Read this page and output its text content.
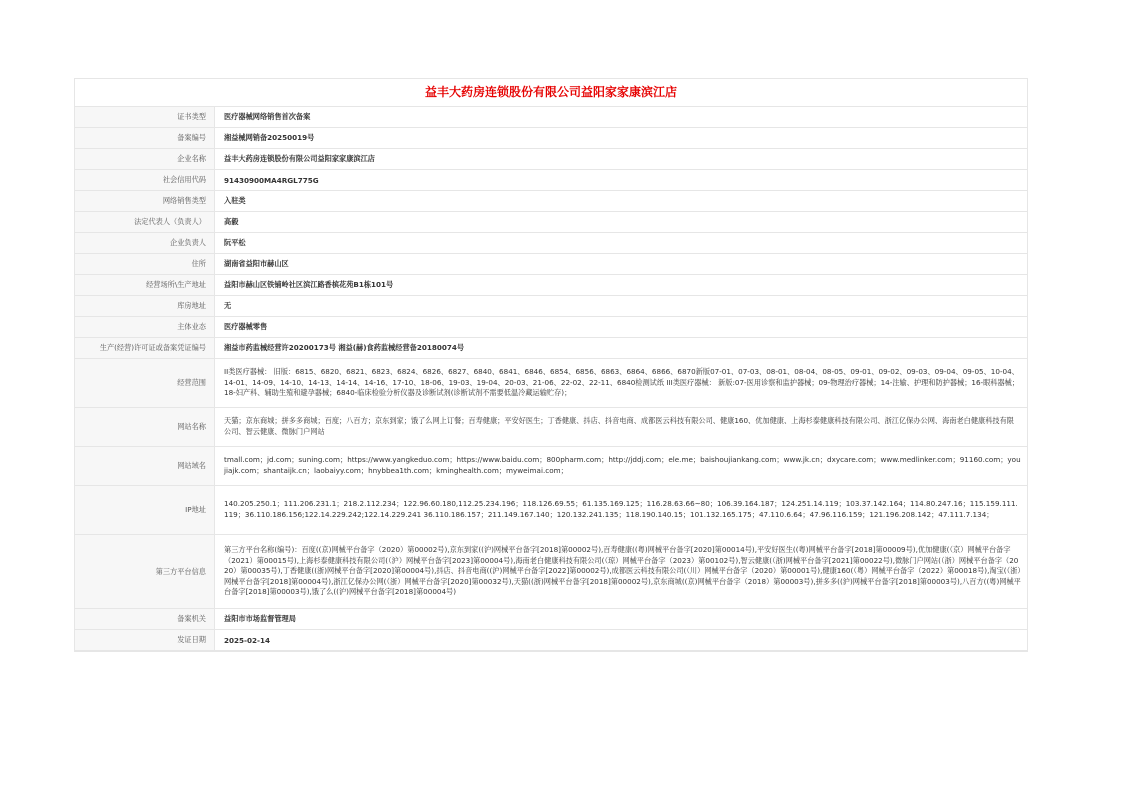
益丰大药房连锁股份有限公司益阳家家康滨江店
证书类型	医疗器械网络销售首次备案
备案编号	湘益械网销备20250019号
企业名称	益丰大药房连锁股份有限公司益阳家家康滨江店
社会信用代码	91430900MA4RGL775G
网络销售类型	入驻类
法定代表人（负责人）	高毅
企业负责人	阮平松
住所	湖南省益阳市赫山区
经营场所\生产地址	益阳市赫山区铁铺岭社区滨江路香槟花苑B1栋101号
库房地址	无
主体业态	医疗器械零售
生产(经营)许可证或备案凭证编号	湘益市药监械经营许20200173号 湘益(赫)食药监械经营备20180074号
经营范围	II类医疗器械： 旧版：6815、6820、6821、6823、6824、6826、6827、6840、6841、6846、6854、6856、6863、6864、6866、6870新版07-01、07-03、08-01、08-04、08-05、09-01、09-02、09-03、09-04、09-05、10-04、14-01、14-09、14-10、14-13、14-14、14-16、17-10、18-06、19-03、19-04、20-03、21-06、22-02、22-11、6840检测试纸 III类医疗器械： 新版:07-医用诊察和监护器械；09-物理治疗器械；14-注输、护理和防护器械；16-眼科器械；18-妇产科、辅助生殖和避孕器械；6840-临床检验分析仪器及诊断试剂(诊断试剂不需要低温冷藏运输贮存)；
网站名称	天猫；京东商城；拼多多商城；百度；八百方；京东到家；饿了么网上订餐；百寿健康；平安好医生；丁香健康、抖店、抖音电商、成都医云科技有限公司、健康160、优加健康、上海杉泰健康科技有限公司、浙江亿保办公网、海南老白健康科技有限公司、智云健康、微脉门户网站
网站域名	tmall.com；jd.com；suning.com；https://www.yangkeduo.com；https://www.baidu.com；800pharm.com；http://jddj.com；ele.me；baishoujiankang.com；www.jk.cn；dxycare.com；www.medlinker.com；91160.com；youjiajk.com；shantaijk.cn；laobaiyy.com；hnybbea1th.com；kminghealth.com；myweimai.com；
IP地址	140.205.250.1；111.206.231.1；218.2.112.234；122.96.60.180,112.25.234.196；118.126.69.55；61.135.169.125；116.28.63.66~80；106.39.164.187；124.251.14.119；103.37.142.164；114.80.247.16；115.159.111.119；36.110.186.156;122.14.229.242;122.14.229.241 36.110.186.157；211.149.167.140；120.132.241.135；118.190.140.15；101.132.165.175；47.110.6.64；47.96.116.159；121.196.208.142；47.111.7.134；
第三方平台信息	第三方平台名称(编号)：百度((京)网械平台备字（2020）第00002号),京东到家((沪)网械平台备字[2018]第00002号),百寿健康((粤)网械平台备字[2020]第00014号),平安好医生((粤)网械平台备字[2018]第00009号),优加健康(（京）网械平台备字（2021）第00015号),上海杉泰健康科技有限公司(（沪）网械平台备字[2023]第00004号),海南老白健康科技有限公司(（琼）网械平台备字（2023）第00102号),智云健康(（浙)网械平台备字[2021]第00022号),微脉门户网站(（浙）网械平台备字（2020）第00035号),丁香健康((浙)网械平台备字[2020]第00004号),抖店、抖音电商((沪)网械平台备字[2022]第00002号),成都医云科技有限公司(（川）网械平台备字（2020）第00001号),健康160(（粤）网械平台备字（2022）第00018号),淘宝(（浙）网械平台备字[2018]第00004号),浙江亿保办公网(（浙）网械平台备字[2020]第00032号),天猫((浙)网械平台备字[2018]第00002号),京东商城((京)网械平台备字（2018）第00003号),拼多多((沪)网械平台备字[2018]第00003号),八百方((粤)网械平台备字[2018]第00003号),饿了么((沪)网械平台备字[2018]第00004号)
备案机关	益阳市市场监督管理局
发证日期	2025-02-14
